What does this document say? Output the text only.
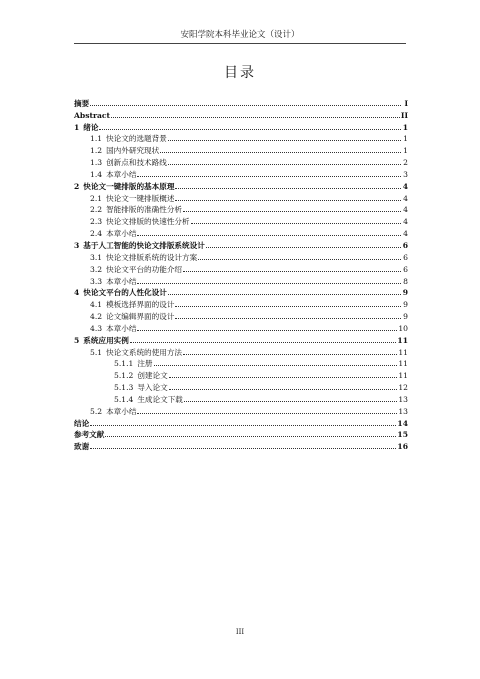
安阳学院本科毕业论文（设计）
目录
摘要	I
Abstract	II
1 绪论	1
1.1 快论文的选题背景	1
1.2 国内外研究现状	1
1.3 创新点和技术路线	2
1.4 本章小结	3
2 快论文一键排版的基本原理	4
2.1 快论文一键排版概述	4
2.2 智能排版的准确性分析	4
2.3 快论文排版的快速性分析	4
2.4 本章小结	4
3 基于人工智能的快论文排版系统设计	6
3.1 快论文排版系统的设计方案	6
3.2 快论文平台的功能介绍	6
3.3 本章小结	8
4 快论文平台的人性化设计	9
4.1 模板选择界面的设计	9
4.2 论文编辑界面的设计	9
4.3 本章小结	10
5 系统应用实例	11
5.1 快论文系统的使用方法	11
5.1.1 注册	11
5.1.2 创建论文	11
5.1.3 导入论文	12
5.1.4 生成论文下载	13
5.2 本章小结	13
结论	14
参考文献	15
致谢	16
III
